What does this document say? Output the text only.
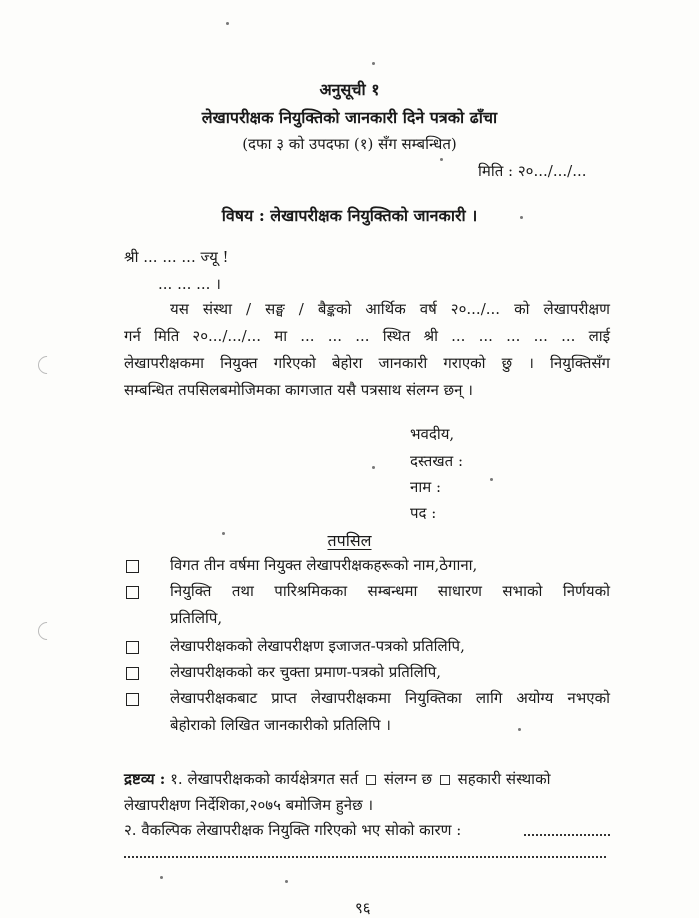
अनुसूची १
लेखापरीक्षक नियुक्तिको जानकारी दिने पत्रको ढाँचा
(दफा ३ को उपदफा (१) सँग सम्बन्धित)
मिति : २०.../.../...
विषय : लेखापरीक्षक नियुक्तिको जानकारी ।
श्री ... ... ... ज्यू !
... ... ... ।
यस संस्था / सङ्घ / बैङ्कको आर्थिक वर्ष २०.../... को लेखापरीक्षण
गर्न मिति २०.../.../... मा ... ... ... स्थित श्री ... ... ... ... ... लाई
लेखापरीक्षकमा नियुक्त गरिएको बेहोरा जानकारी गराएको छु । नियुक्तिसँग
सम्बन्धित तपसिलबमोजिमका कागजात यसै पत्रसाथ संलग्न छन् ।
भवदीय,
दस्तखत :
नाम :
पद :
तपसिल
विगत तीन वर्षमा नियुक्त लेखापरीक्षकहरूको नाम,ठेगाना,
नियुक्ति तथा पारिश्रमिकका सम्बन्धमा साधारण सभाको निर्णयको
प्रतिलिपि,
लेखापरीक्षकको लेखापरीक्षण इजाजत-पत्रको प्रतिलिपि,
लेखापरीक्षकको कर चुक्ता प्रमाण-पत्रको प्रतिलिपि,
लेखापरीक्षकबाट प्राप्त लेखापरीक्षकमा नियुक्तिका लागि अयोग्य नभएको
बेहोराको लिखित जानकारीको प्रतिलिपि ।
द्रष्टव्य : १. लेखापरीक्षकको कार्यक्षेत्रगत सर्त संलग्न छ सहकारी संस्थाको
लेखापरीक्षण निर्देशिका,२०७५ बमोजिम हुनेछ ।
२. वैकल्पिक लेखापरीक्षक नियुक्ति गरिएको भए सोको कारण :
९६
